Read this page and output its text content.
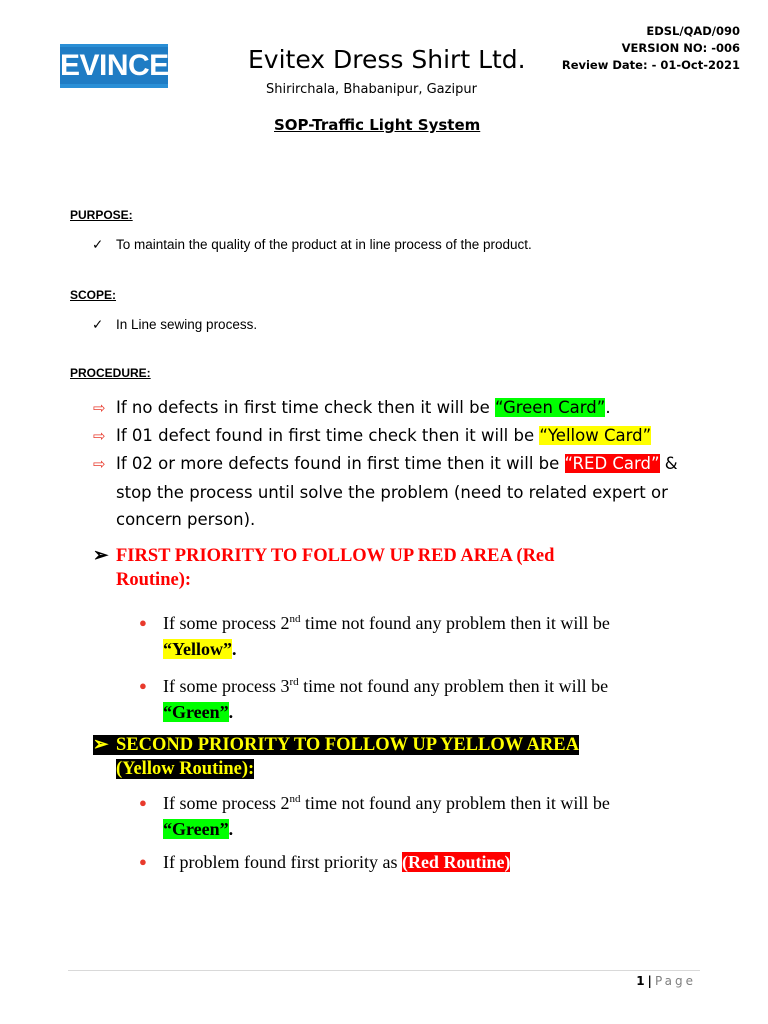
EVINCE	Evitex Dress Shirt Ltd.
Shirirchala, Bhabanipur, Gazipur
EDSL/QAD/090
VERSION NO: -006
Review Date: - 01-Oct-2021
SOP-Traffic Light System
PURPOSE:
✓ To maintain the quality of the product at in line process of the product.
SCOPE:
✓ In Line sewing process.
PROCEDURE:
⇨ If no defects in first time check then it will be “Green Card”.
⇨ If 01 defect found in first time check then it will be “Yellow Card”
⇨ If 02 or more defects found in first time then it will be “RED Card” &
stop the process until solve the problem (need to related expert or
concern person).
➢ FIRST PRIORITY TO FOLLOW UP RED AREA (Red
Routine):
● If some process 2nd time not found any problem then it will be
“Yellow”.
● If some process 3rd time not found any problem then it will be
“Green”.
➢ SECOND PRIORITY TO FOLLOW UP YELLOW AREA
(Yellow Routine):
● If some process 2nd time not found any problem then it will be
“Green”.
● If problem found first priority as (Red Routine)
1 | Page
